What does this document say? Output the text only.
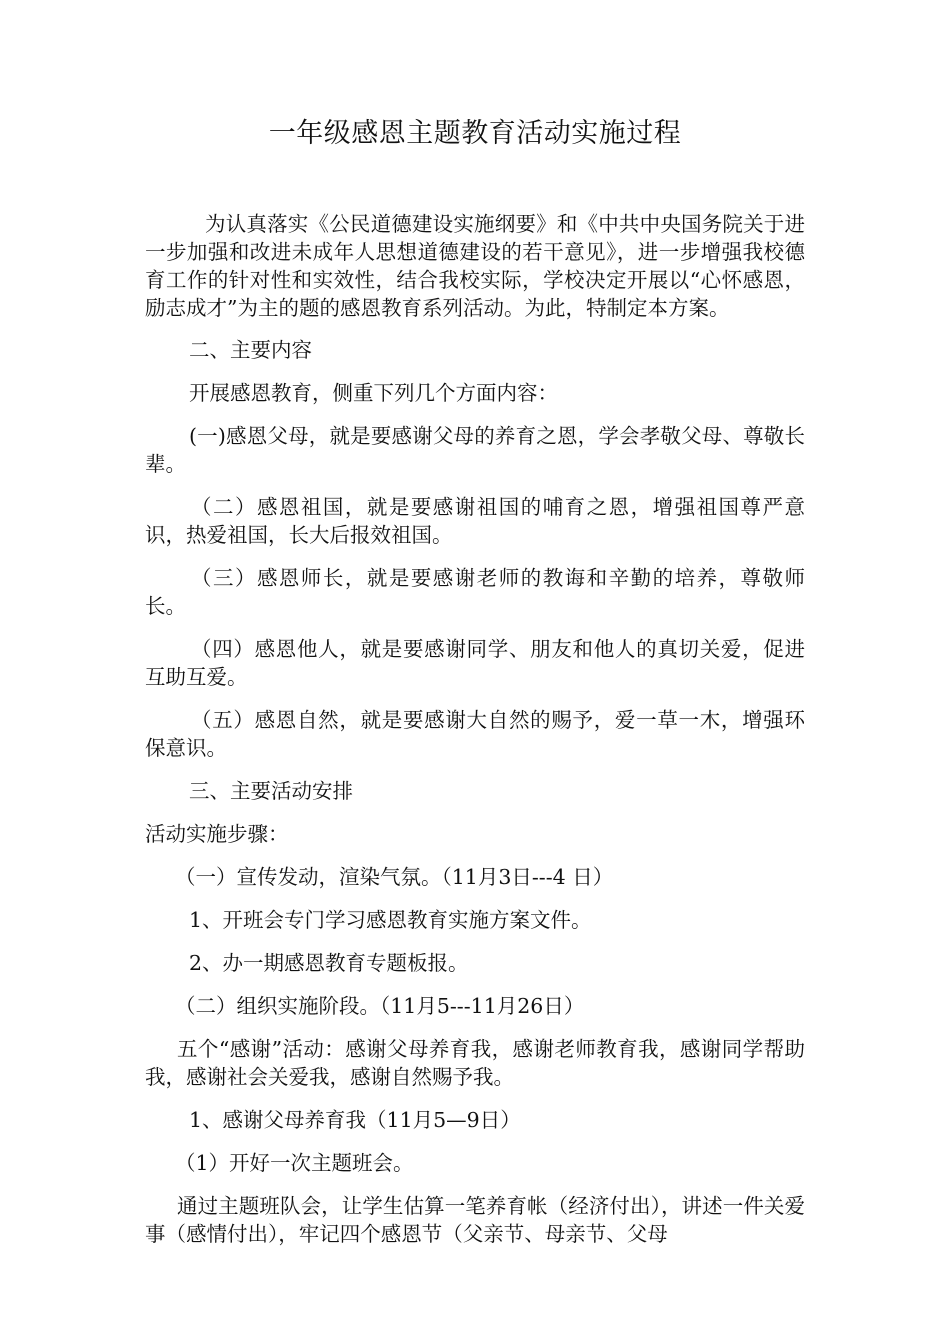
一年级感恩主题教育活动实施过程

为认真落实《公民道德建设实施纲要》和《中共中央国务院关于进一步加强和改进未成年人思想道德建设的若干意见》，进一步增强我校德育工作的针对性和实效性，结合我校实际，学校决定开展以“心怀感恩，励志成才”为主的题的感恩教育系列活动。为此，特制定本方案。

二、主要内容

开展感恩教育，侧重下列几个方面内容：

(一)感恩父母，就是要感谢父母的养育之恩，学会孝敬父母、尊敬长辈。

（二）感恩祖国，就是要感谢祖国的哺育之恩，增强祖国尊严意识，热爱祖国，长大后报效祖国。

（三）感恩师长，就是要感谢老师的教诲和辛勤的培养，尊敬师长。

（四）感恩他人，就是要感谢同学、朋友和他人的真切关爱，促进互助互爱。

（五）感恩自然，就是要感谢大自然的赐予，爱一草一木，增强环保意识。

三、主要活动安排

活动实施步骤：

（一）宣传发动，渲染气氛。（11月3日---4 日）

1、开班会专门学习感恩教育实施方案文件。

2、办一期感恩教育专题板报。

（二）组织实施阶段。（11月5---11月26日）

五个“感谢”活动：感谢父母养育我，感谢老师教育我，感谢同学帮助我，感谢社会关爱我，感谢自然赐予我。

1、感谢父母养育我（11月5—9日）

（1）开好一次主题班会。

通过主题班队会，让学生估算一笔养育帐（经济付出），讲述一件关爱事（感情付出），牢记四个感恩节（父亲节、母亲节、父母
